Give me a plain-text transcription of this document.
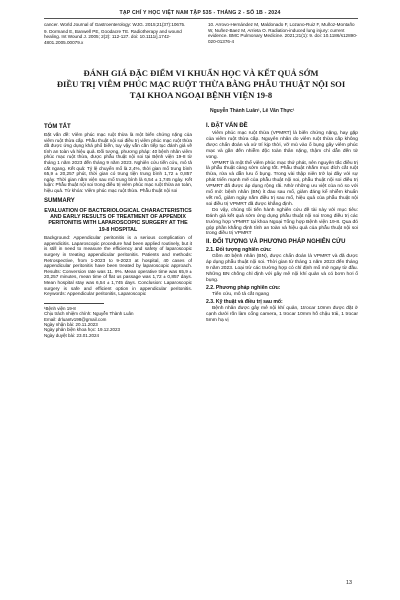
TẠP CHÍ Y HỌC VIỆT NAM TẬP 535 - THÁNG 2 - SỐ 1B - 2024

cancer. World Journal of Gastroenterology: WJG. 2015;21(37):10675.

9. Dormand E, Banwell PE, Goodacre TE. Radiotherapy and wound healing. Int Wound J. 2005; 2(2): 112-127. doi: 10.1111/j.1742-4801.2005.00079.x

10. Arrovo-Hernández M, Maldonado F, Lozano-Ruiz F, Muñoz-Montaño W, Nuñez-Baez M, Arrieta O. Radiation-induced lung injury: current evidence. BMC Pulmonary Medicine. 2021;21(1): 9. doi: 10.1186/s12890-020-01376-4

ĐÁNH GIÁ ĐẶC ĐIỂM VI KHUẨN HỌC VÀ KẾT QUẢ SỚM
ĐIỀU TRỊ VIÊM PHÚC MẠC RUỘT THỪA BẰNG PHẪU THUẬT NỘI SOI
TẠI KHOA NGOẠI BỆNH VIỆN 19-8
Nguyễn Thành Luân¹, Lê Văn Thực¹
TÓM TẮT

Đặt vấn đề: Viêm phúc mạc ruột thừa là một biến chứng nặng của viêm ruột thừa cấp. Phẫu thuật nội soi điều trị viêm phúc mạc ruột thừa đã được ứng dụng khá phổ biến, tuy vậy vẫn cần tiếp tục đánh giá về tính an toàn và hiệu quả. Đối tượng, phương pháp: 40 bệnh nhân viêm phúc mạc ruột thừa, được phẫu thuật nội soi tại Bệnh viện 19-8 từ tháng 1 năm 2023 đến tháng 9 năm 2023. Nghiên cứu tiến cứu, mô tả cắt ngang. Kết quả: Tỷ lệ chuyển mổ là 2,4%, thời gian mổ trung bình 65,9 ± 20,257 phút, thời gian có trung tiện trung bình 1,72 ± 0,857 ngày. Thời gian nằm viện sau mổ trung bình là 6,54 ± 1,745 ngày. Kết luận: Phẫu thuật nội soi trong điều trị viêm phúc mạc ruột thừa an toàn, hiệu quả. Từ khóa: Viêm phúc mạc ruột thừa. Phẫu thuật nội soi

SUMMARY
EVALUATION OF BACTERIOLOGICAL CHARACTERISTICS AND EARLY RESULTS OF TREATMENT OF APPENDIX PERITONITIS WITH LAPAROSCOPIC SURGERY AT THE 19-8 HOSPITAL

Background: Appendicular peritonitis is a serious complication of appendicitis. Laparoscopic procedure had been applied routinely, but it is still in need to measure the efficiency and safety of laparoscopic surgery in treating appendicular peritonitis. Patients and methods: Retrospective, from 1-2023 to 9-2023 at hospital, 40 cases of appendicular peritonitis have been treated by laparoscopic approach. Results: Conversion rate was 11. 9%. Mean operative time was 65,9 ± 20,257 minutes, mean time of flat us passage was 1,72 ± 0,857 days. Mean hospital stay was 6,54 ± 1,745 days. Conclusion: Laparoscopic surgery is safe and efficient option in appendicular peritonitis. Keywords: Appendicular peritonitis, Laparoscopic

¹Bệnh viện 19-8

Chịu trách nhiệm chính: Nguyễn Thành Luân

Email: drluantv198@gmail.com

Ngày nhận bài: 20.11.2023

Ngày phản biện khoa học: 19.12.2023

Ngày duyệt bài: 23.01.2024

I. ĐẶT VẤN ĐỀ

Viêm phúc mạc ruột thừa (VPMRT) là biến chứng nặng, hay gặp của viêm ruột thừa cấp. Nguyên nhân do viêm ruột thừa cấp không được chẩn đoán và xử trí kịp thời, vỡ mủ vào ổ bụng gây viêm phúc mạc và gần đến nhiễm độc toàn thân nặng, thậm chí dẫn đến tử vong.

VPMRT là một thể viêm phúc mạc thứ phát, nên nguyên tắc điều trị là phẫu thuật càng sớm càng tốt. Phẫu thuật nhằm mục đích cắt ruột thừa, rửa và dẫn lưu ổ bụng. Trong vài thập niên trở lại đây với sự phát triển mạnh mẽ của phẫu thuật nội soi, phẫu thuật nội soi điều trị VPMRT đã được áp dụng rộng rãi. Nhờ những ưu việt của nó so với mổ mở: bệnh nhân (BN) ít đau sau mổ, giảm đáng kể nhiễm khuẩn vết mổ, giảm ngày nằm điều trị sau mổ, hiệu quả của phẫu thuật nội soi điều trị VPMRT đã được khẳng định.

Do vậy, chúng tôi tiến hành nghiên cứu đề tài này với mục tiêu: Đánh giá kết quả sớm ứng dụng phẫu thuật nội soi trong điều trị các trường hợp VPMRT tại khoa Ngoại Tổng hợp Bệnh viện 19-8. Qua đó góp phần khẳng định tính an toàn và hiệu quả của phẫu thuật nội soi trong điều trị VPMRT

II. ĐỐI TƯỢNG VÀ PHƯƠNG PHÁP NGHIÊN CỨU
2.1. Đối tượng nghiên cứu:

Gồm 40 bệnh nhân (BN), được chẩn đoán là VPMRT và đã được áp dụng phẫu thuật nội soi. Thời gian từ tháng 1 năm 2023 đến tháng 9 năm 2023. Loại trừ các trường hợp có chỉ định mổ mở ngay từ đầu. Những BN chống chỉ định với gây mê nội khí quản và có bơm hơi ổ bụng.

2.2. Phương pháp nghiên cứu:

Tiến cứu, mô tả cắt ngang

2.3. Kỹ thuật và điều trị sau mổ:

Bệnh nhân được gây mê nội khí quản, 1trocar 10mm được đặt ở cạnh dưới rốn làm cổng camera, 1 trocar 10mm hố chậu trái, 1 trocar 5mm hạ vị

13
